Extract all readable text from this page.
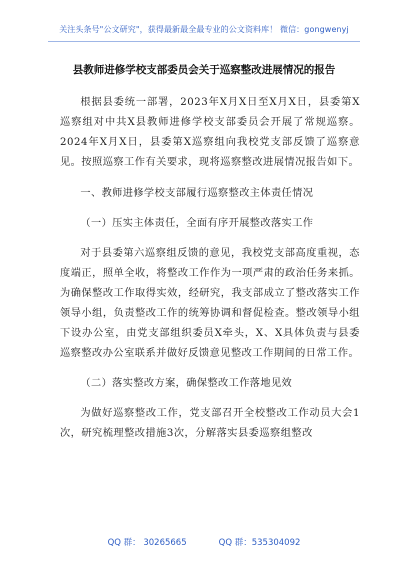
关注头条号"公文研究"，获得最新最全最专业的公文资料库！ 微信：gongwenyj
县教师进修学校支部委员会关于巡察整改进展情况的报告

根据县委统一部署，2023年X月X日至X月X日，县委第X巡察组对中共X县教师进修学校支部委员会开展了常规巡察。2024年X月X日，县委第X巡察组向我校党支部反馈了巡察意见。按照巡察工作有关要求，现将巡察整改进展情况报告如下。

一、教师进修学校支部履行巡察整改主体责任情况

（一）压实主体责任，全面有序开展整改落实工作

对于县委第六巡察组反馈的意见，我校党支部高度重视，态度端正，照单全收，将整改工作作为一项严肃的政治任务来抓。为确保整改工作取得实效，经研究，我支部成立了整改落实工作领导小组，负责整改工作的统筹协调和督促检查。整改领导小组下设办公室，由党支部组织委员X牵头，X、X具体负责与县委巡察整改办公室联系并做好反馈意见整改工作期间的日常工作。

（二）落实整改方案，确保整改工作落地见效

为做好巡察整改工作，党支部召开全校整改工作动员大会1次，研究梳理整改措施3次，分解落实县委巡察组整改

QQ 群： 30265665	QQ 群：535304092
